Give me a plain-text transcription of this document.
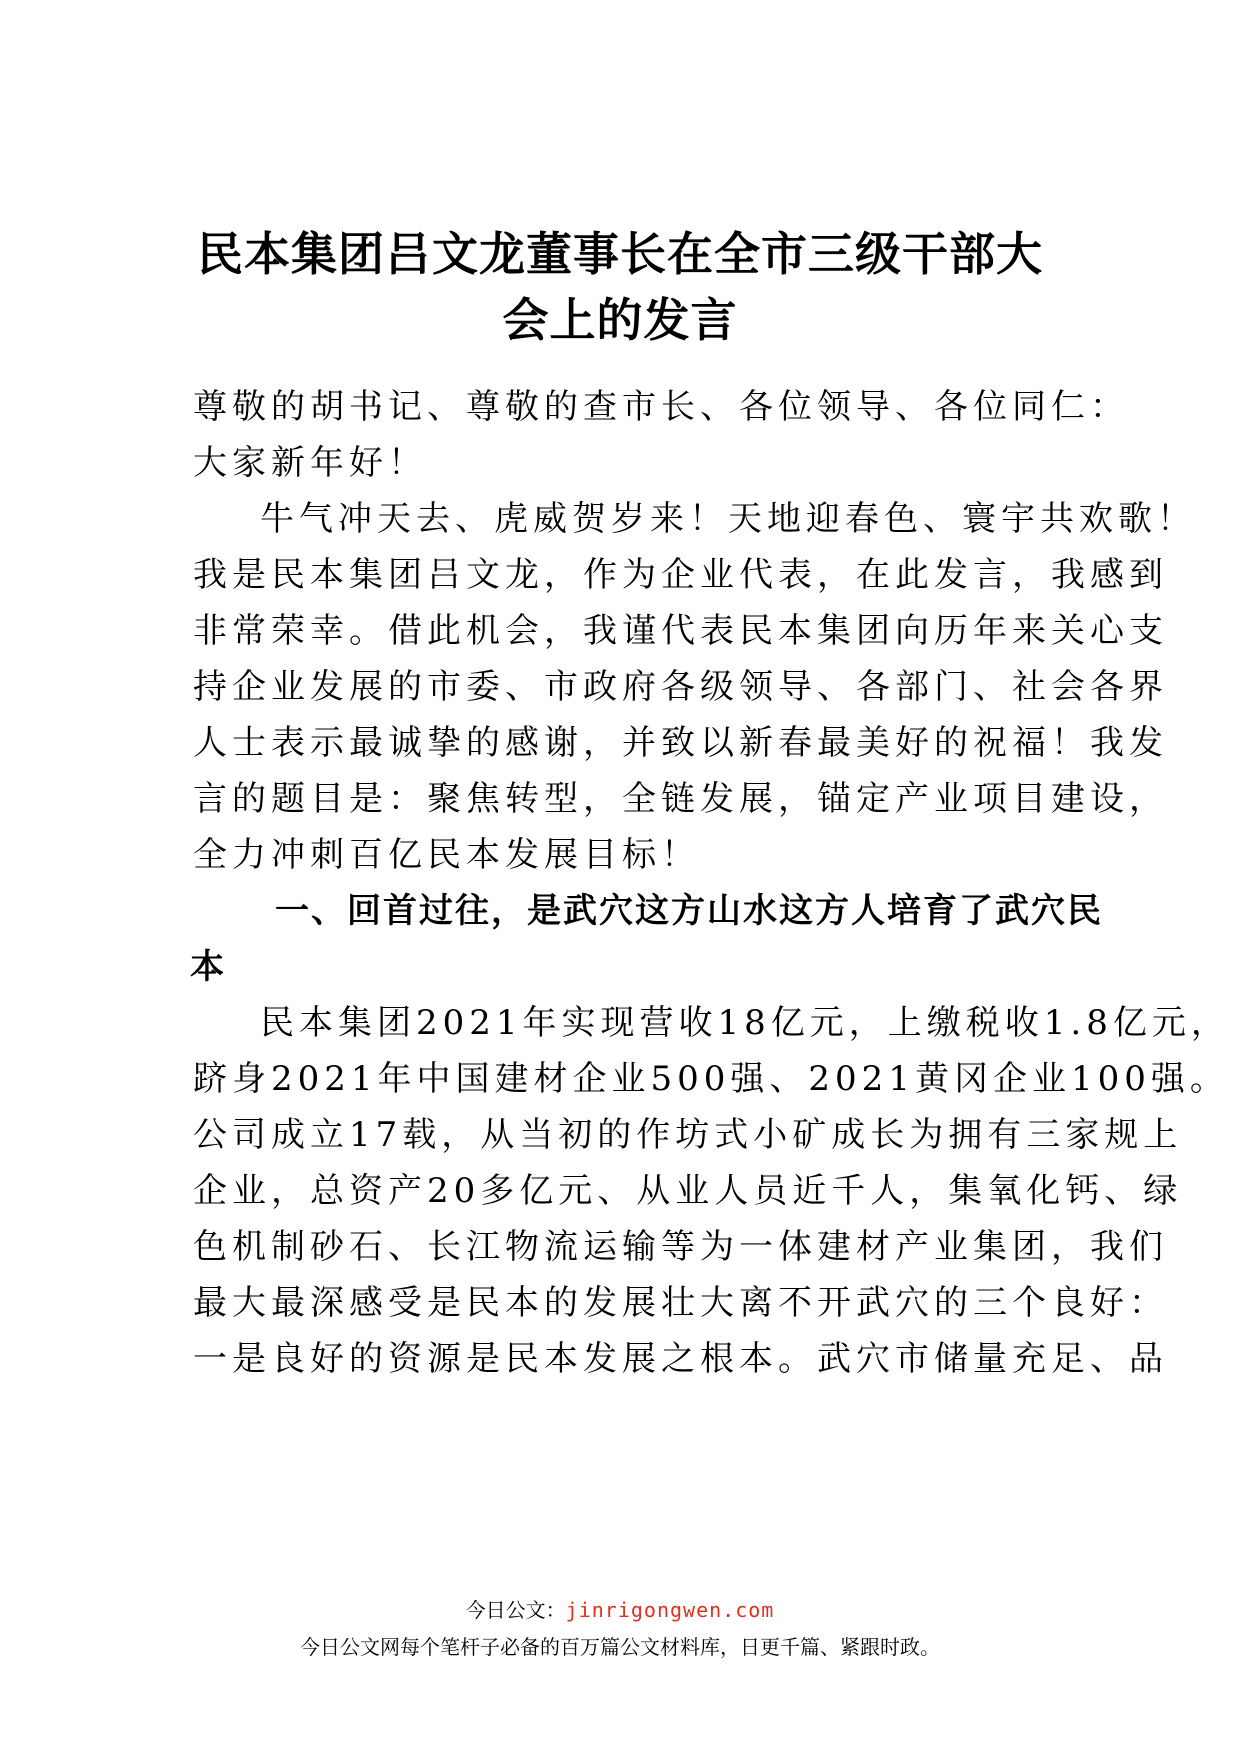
民本集团吕文龙董事长在全市三级干部大
会上的发言
尊敬的胡书记、尊敬的查市长、各位领导、各位同仁：
大家新年好！
牛气冲天去、虎威贺岁来！天地迎春色、寰宇共欢歌！
我是民本集团吕文龙，作为企业代表，在此发言，我感到
非常荣幸。借此机会，我谨代表民本集团向历年来关心支
持企业发展的市委、市政府各级领导、各部门、社会各界
人士表示最诚挚的感谢，并致以新春最美好的祝福！我发
言的题目是：聚焦转型，全链发展，锚定产业项目建设，
全力冲刺百亿民本发展目标！
一、回首过往，是武穴这方山水这方人培育了武穴民
本
民本集团2021年实现营收18亿元，上缴税收1.8亿元，
跻身2021年中国建材企业500强、2021黄冈企业100强。
公司成立17载，从当初的作坊式小矿成长为拥有三家规上
企业，总资产20多亿元、从业人员近千人，集氧化钙、绿
色机制砂石、长江物流运输等为一体建材产业集团，我们
最大最深感受是民本的发展壮大离不开武穴的三个良好：
一是良好的资源是民本发展之根本。武穴市储量充足、品
今日公文：jinrigongwen.com
今日公文网每个笔杆子必备的百万篇公文材料库，日更千篇、紧跟时政。
